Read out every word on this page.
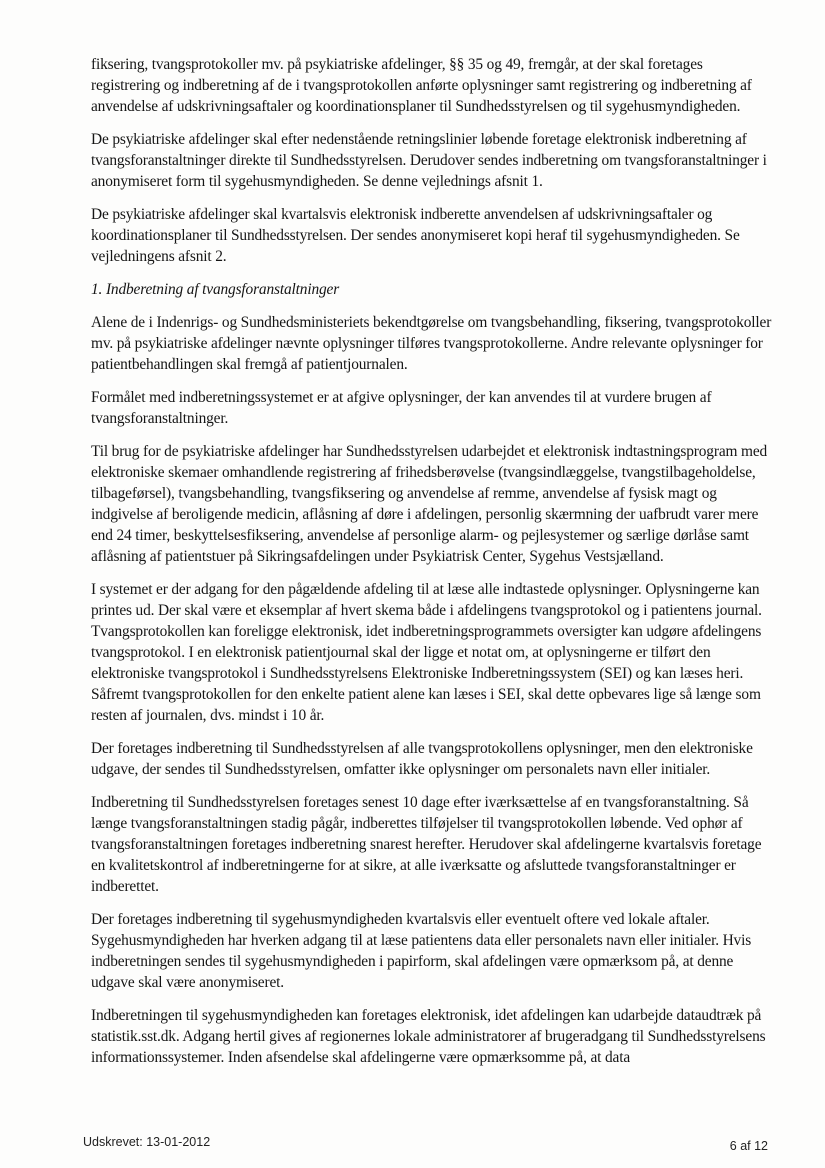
fiksering, tvangsprotokoller mv. på psykiatriske afdelinger, §§ 35 og 49, fremgår, at der skal foretages registrering og indberetning af de i tvangsprotokollen anførte oplysninger samt registrering og indberetning af anvendelse af udskrivningsaftaler og koordinationsplaner til Sundhedsstyrelsen og til sygehusmyndigheden.

De psykiatriske afdelinger skal efter nedenstående retningslinier løbende foretage elektronisk indberetning af tvangsforanstaltninger direkte til Sundhedsstyrelsen. Derudover sendes indberetning om tvangsforanstaltninger i anonymiseret form til sygehusmyndigheden. Se denne vejlednings afsnit 1.

De psykiatriske afdelinger skal kvartalsvis elektronisk indberette anvendelsen af udskrivningsaftaler og koordinationsplaner til Sundhedsstyrelsen. Der sendes anonymiseret kopi heraf til sygehusmyndigheden. Se vejledningens afsnit 2.

1. Indberetning af tvangsforanstaltninger

Alene de i Indenrigs- og Sundhedsministeriets bekendtgørelse om tvangsbehandling, fiksering, tvangsprotokoller mv. på psykiatriske afdelinger nævnte oplysninger tilføres tvangsprotokollerne. Andre relevante oplysninger for patientbehandlingen skal fremgå af patientjournalen.

Formålet med indberetningssystemet er at afgive oplysninger, der kan anvendes til at vurdere brugen af tvangsforanstaltninger.

Til brug for de psykiatriske afdelinger har Sundhedsstyrelsen udarbejdet et elektronisk indtastningsprogram med elektroniske skemaer omhandlende registrering af frihedsberøvelse (tvangsindlæggelse, tvangstilbageholdelse, tilbageførsel), tvangsbehandling, tvangsfiksering og anvendelse af remme, anvendelse af fysisk magt og indgivelse af beroligende medicin, aflåsning af døre i afdelingen, personlig skærmning der uafbrudt varer mere end 24 timer, beskyttelsesfiksering, anvendelse af personlige alarm- og pejlesystemer og særlige dørlåse samt aflåsning af patientstuer på Sikringsafdelingen under Psykiatrisk Center, Sygehus Vestsjælland.

I systemet er der adgang for den pågældende afdeling til at læse alle indtastede oplysninger. Oplysningerne kan printes ud. Der skal være et eksemplar af hvert skema både i afdelingens tvangsprotokol og i patientens journal. Tvangsprotokollen kan foreligge elektronisk, idet indberetningsprogrammets oversigter kan udgøre afdelingens tvangsprotokol. I en elektronisk patientjournal skal der ligge et notat om, at oplysningerne er tilført den elektroniske tvangsprotokol i Sundhedsstyrelsens Elektroniske Indberetningssystem (SEI) og kan læses heri. Såfremt tvangsprotokollen for den enkelte patient alene kan læses i SEI, skal dette opbevares lige så længe som resten af journalen, dvs. mindst i 10 år.

Der foretages indberetning til Sundhedsstyrelsen af alle tvangsprotokollens oplysninger, men den elektroniske udgave, der sendes til Sundhedsstyrelsen, omfatter ikke oplysninger om personalets navn eller initialer.

Indberetning til Sundhedsstyrelsen foretages senest 10 dage efter iværksættelse af en tvangsforanstaltning. Så længe tvangsforanstaltningen stadig pågår, indberettes tilføjelser til tvangsprotokollen løbende. Ved ophør af tvangsforanstaltningen foretages indberetning snarest herefter. Herudover skal afdelingerne kvartalsvis foretage en kvalitetskontrol af indberetningerne for at sikre, at alle iværksatte og afsluttede tvangsforanstaltninger er indberettet.

Der foretages indberetning til sygehusmyndigheden kvartalsvis eller eventuelt oftere ved lokale aftaler. Sygehusmyndigheden har hverken adgang til at læse patientens data eller personalets navn eller initialer. Hvis indberetningen sendes til sygehusmyndigheden i papirform, skal afdelingen være opmærksom på, at denne udgave skal være anonymiseret.

Indberetningen til sygehusmyndigheden kan foretages elektronisk, idet afdelingen kan udarbejde dataudtræk på statistik.sst.dk. Adgang hertil gives af regionernes lokale administratorer af brugeradgang til Sundhedsstyrelsens informationssystemer. Inden afsendelse skal afdelingerne være opmærksomme på, at data

Udskrevet: 13-01-2012	6 af 12
